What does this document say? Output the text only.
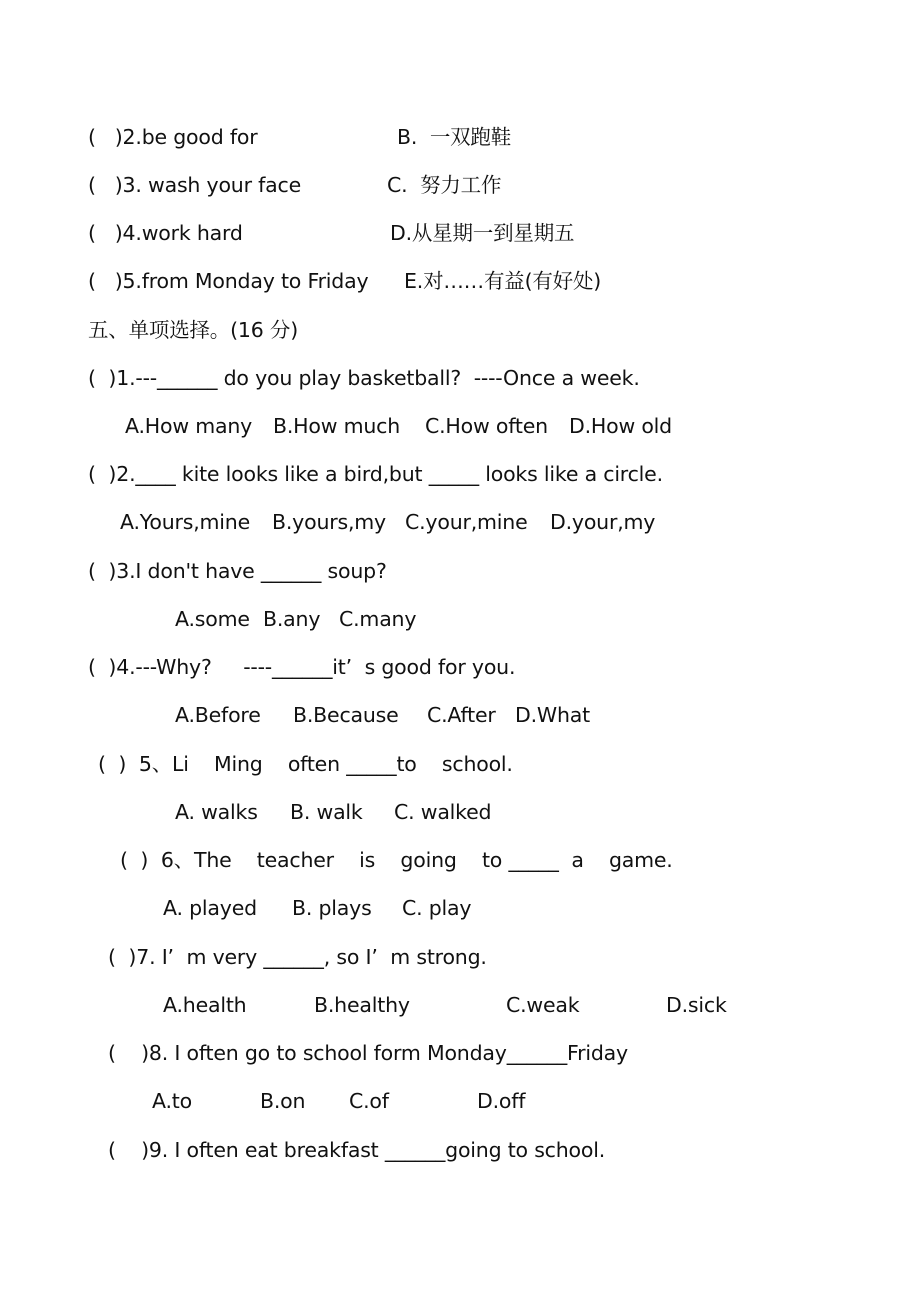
(   )2.be good for	B.  一双跑鞋
(   )3. wash your face	C.  努力工作
(   )4.work hard	D.从星期一到星期五
(   )5.from Monday to Friday E.对……有益(有好处)
五、单项选择。(16 分)
(  )1.---______ do you play basketball?  ----Once a week.
A.How many B.How much C.How often D.How old
(  )2.____ kite looks like a bird,but _____ looks like a circle.
A.Yours,mine B.yours,my C.your,mine D.your,my
(  )3.I don't have ______ soup?
A.some B.any C.many
(  )4.---Why?     ----______it’  s good for you.
A.Before B.Because C.After D.What
(  )  5、Li    Ming    often _____to    school.
A. walks B. walk C. walked
(  )  6、The    teacher    is    going    to _____  a    game.
A. played B. plays C. play
(  )7. I’  m very ______, so I’  m strong.
A.health	B.healthy	C.weak	D.sick
(    )8. I often go to school form Monday______Friday
A.to	B.on C.of	D.off
(    )9. I often eat breakfast ______going to school.
